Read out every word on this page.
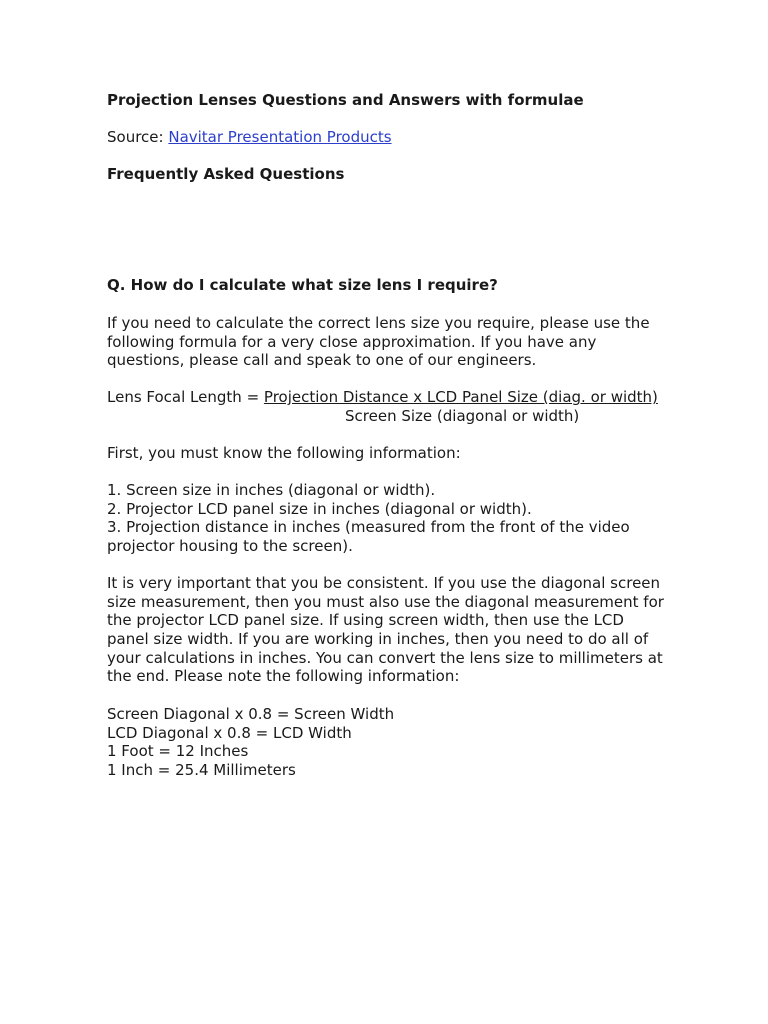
Projection Lenses Questions and Answers with formulae
Source: Navitar Presentation Products
Frequently Asked Questions
Q. How do I calculate what size lens I require?
If you need to calculate the correct lens size you require, please use the
following formula for a very close approximation. If you have any
questions, please call and speak to one of our engineers.
Lens Focal Length = Projection Distance x LCD Panel Size (diag. or width)
Screen Size (diagonal or width)
First, you must know the following information:
1. Screen size in inches (diagonal or width).
2. Projector LCD panel size in inches (diagonal or width).
3. Projection distance in inches (measured from the front of the video
projector housing to the screen).
It is very important that you be consistent. If you use the diagonal screen
size measurement, then you must also use the diagonal measurement for
the projector LCD panel size. If using screen width, then use the LCD
panel size width. If you are working in inches, then you need to do all of
your calculations in inches. You can convert the lens size to millimeters at
the end. Please note the following information:
Screen Diagonal x 0.8 = Screen Width
LCD Diagonal x 0.8 = LCD Width
1 Foot = 12 Inches
1 Inch = 25.4 Millimeters
